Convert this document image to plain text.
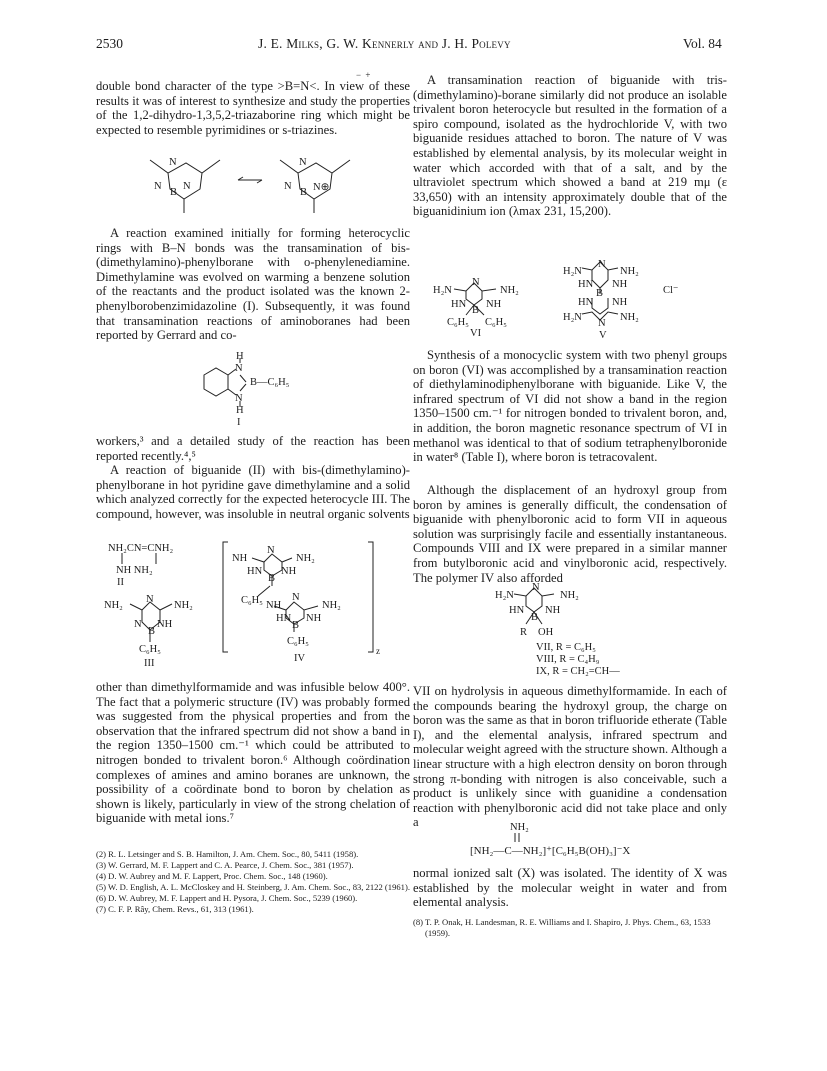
2530	J. E. Milks, G. W. Kennerly and J. H. Polevy	Vol. 84
− +

double bond character of the type >B=N<. In view of these results it was of interest to synthesize and study the properties of the 1,2-dihydro-1,3,5,2-triazaborine ring which might be expected to resemble pyrimidines or s-triazines.

N
N
B
N
N
N
B N⊕

A reaction examined initially for forming heterocyclic rings with B–N bonds was the transamination of bis-(dimethylamino)-phenylborane with o-phenylenediamine. Dimethylamine was evolved on warming a benzene solution of the reactants and the product isolated was the known 2-phenylborobenzimidazoline (I). Subsequently, it was found that transamination reactions of aminoboranes had been reported by Gerrard and co-

H
N
B—C₆H₅
N
H
I

workers,³ and a detailed study of the reaction has been reported recently.⁴,⁵

A reaction of biguanide (II) with bis-(dimethylamino)-phenylborane in hot pyridine gave dimethylamine and a solid which analyzed correctly for the expected heterocycle III. The compound, however, was insoluble in neutral organic solvents

NH₂CN=CNH₂
NH NH₂
II
NH₂
N
NH₂
N
B
NH
C₆H₅
III
NH
N
NH₂
HN
B
NH
C₆H₅ NH
N
NH₂
HN
B
NH
C₆H₅
z
IV

other than dimethylformamide and was infusible below 400°. The fact that a polymeric structure (IV) was probably formed was suggested from the physical properties and from the observation that the infrared spectrum did not show a band in the region 1350–1500 cm.⁻¹ which could be attributed to nitrogen bonded to trivalent boron.⁶ Although coördination complexes of amines and amino boranes are unknown, the possibility of a coördinate bond to boron by chelation as shown is likely, particularly in view of the strong chelation of biguanide with metal ions.⁷

(2) R. L. Letsinger and S. B. Hamilton, J. Am. Chem. Soc., 80, 5411 (1958).
(3) W. Gerrard, M. F. Lappert and C. A. Pearce, J. Chem. Soc., 381 (1957).
(4) D. W. Aubrey and M. F. Lappert, Proc. Chem. Soc., 148 (1960).
(5) W. D. English, A. L. McCloskey and H. Steinberg, J. Am. Chem. Soc., 83, 2122 (1961).
(6) D. W. Aubrey, M. F. Lappert and H. Pysora, J. Chem. Soc., 5239 (1960).
(7) C. F. P. Rây, Chem. Revs., 61, 313 (1961).

A transamination reaction of biguanide with tris-(dimethylamino)-borane similarly did not produce an isolable trivalent boron heterocycle but resulted in the formation of a spiro compound, isolated as the hydrochloride V, with two biguanide residues attached to boron. The nature of V was established by elemental analysis, by its molecular weight in water which accorded with that of a salt, and by the ultraviolet spectrum which showed a band at 219 mμ (ε 33,650) with an intensity approximately double that of the biguanidinium ion (λmax 231, 15,200).

H₂N
N
NH₂
HN
B
NH
C₆H₅ C₆H₅
VI
H₂N
N
NH₂
HN NH
B
HN NH
H₂N
N
NH₂
Cl⁻
V

Synthesis of a monocyclic system with two phenyl groups on boron (VI) was accomplished by a transamination reaction of diethylaminodiphenylborane with biguanide. Like V, the infrared spectrum of VI did not show a band in the region 1350–1500 cm.⁻¹ for nitrogen bonded to trivalent boron, and, in addition, the boron magnetic resonance spectrum of VI in methanol was identical to that of sodium tetraphenylboronide in water⁸ (Table I), where boron is tetracovalent.

Although the displacement of an hydroxyl group from boron by amines is generally difficult, the condensation of biguanide with phenylboronic acid to form VII in aqueous solution was surprisingly facile and essentially instantaneous. Compounds VIII and IX were prepared in a similar manner from butylboronic acid and vinylboronic acid, respectively. The polymer IV also afforded

H₂N
N
NH₂
HN
B
NH
R OH
VII, R = C₆H₅
VIII, R = C₄H₉
IX, R = CH₂=CH—

VII on hydrolysis in aqueous dimethylformamide. In each of the compounds bearing the hydroxyl group, the charge on boron was the same as that in boron trifluoride etherate (Table I), and the elemental analysis, infrared spectrum and molecular weight agreed with the structure shown. Although a linear structure with a high electron density on boron through strong π-bonding with nitrogen is also conceivable, such a product is unlikely since with guanidine a condensation reaction with phenylboronic acid did not take place and only a	NH₂
[NH₂—C—NH₂]⁺[C₆H₅B(OH)₃]⁻X

normal ionized salt (X) was isolated. The identity of X was established by the molecular weight in water and from elemental analysis.

(8) T. P. Onak, H. Landesman, R. E. Williams and I. Shapiro, J. Phys. Chem., 63, 1533 (1959).
